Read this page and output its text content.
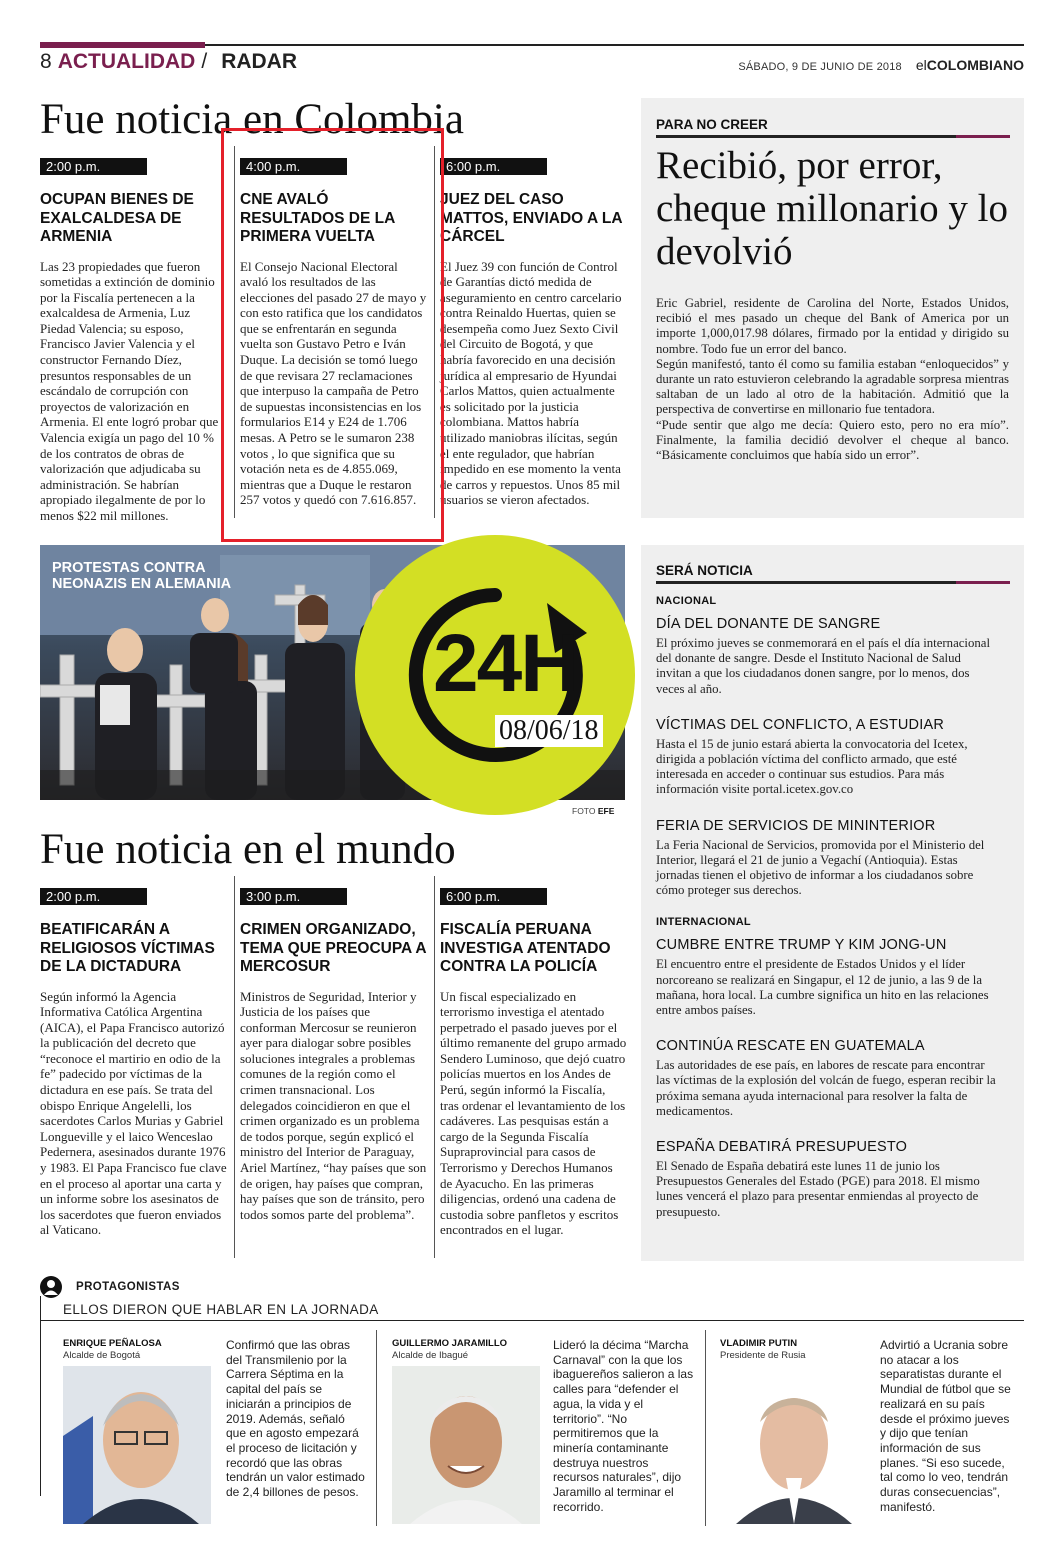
8 ACTUALIDAD / RADAR	SÁBADO, 9 DE JUNIO DE 2018 elCOLOMBIANO
Fue noticia en Colombia
2:00 p.m.
OCUPAN BIENES DE EXALCALDESA DE ARMENIA
Las 23 propiedades que fueron sometidas a extinción de dominio por la Fiscalía pertenecen a la exalcaldesa de Armenia, Luz Piedad Valencia; su esposo, Francisco Javier Valencia y el constructor Fernando Díez, presuntos responsables de un escándalo de corrupción con proyectos de valorización en Armenia. El ente logró probar que Valencia exigía un pago del 10 % de los contratos de obras de valorización que adjudicaba su administración. Se habrían apropiado ilegalmente de por lo menos $22 mil millones.
4:00 p.m.
CNE AVALÓ RESULTADOS DE LA PRIMERA VUELTA
El Consejo Nacional Electoral avaló los resultados de las elecciones del pasado 27 de mayo y con esto ratifica que los candidatos que se enfrentarán en segunda vuelta son Gustavo Petro e Iván Duque. La decisión se tomó luego de que revisara 27 reclamaciones que interpuso la campaña de Petro de supuestas inconsistencias en los formularios E14 y E24 de 1.706 mesas. A Petro se le sumaron 238 votos , lo que significa que su votación neta es de 4.855.069, mientras que a Duque le restaron 257 votos y quedó con 7.616.857.
6:00 p.m.
JUEZ DEL CASO MATTOS, ENVIADO A LA CÁRCEL
El Juez 39 con función de Control de Garantías dictó medida de aseguramiento en centro carcelario contra Reinaldo Huertas, quien se desempeña como Juez Sexto Civil del Circuito de Bogotá, y que habría favorecido en una decisión jurídica al empresario de Hyundai Carlos Mattos, quien actualmente es solicitado por la justicia colombiana. Mattos habría utilizado maniobras ilícitas, según el ente regulador, que habrían impedido en ese momento la venta de carros y repuestos. Unos 85 mil usuarios se vieron afectados.
PARA NO CREER
Recibió, por error, cheque millonario y lo devolvió

Eric Gabriel, residente de Carolina del Norte, Estados Unidos, recibió el mes pasado un cheque del Bank of America por un importe 1,000,017.98 dólares, firmado por la entidad y dirigido su nombre. Todo fue un error del banco.

Según manifestó, tanto él como su familia estaban “enloquecidos” y durante un rato estuvieron celebrando la agradable sorpresa mientras saltaban de un lado al otro de la habitación. Admitió que la perspectiva de convertirse en millonario fue tentadora.

“Pude sentir que algo me decía: Quiero esto, pero no era mío”. Finalmente, la familia decidió devolver el cheque al banco. “Básicamente concluimos que había sido un error”.

PROTESTAS CONTRA NEONAZIS EN ALEMANIA
24H
08/06/18
FOTO EFE
SERÁ NOTICIA
NACIONAL
DÍA DEL DONANTE DE SANGRE
El próximo jueves se conmemorará en el país el día internacional del donante de sangre. Desde el Instituto Nacional de Salud invitan a que los ciudadanos donen sangre, por lo menos, dos veces al año.
VÍCTIMAS DEL CONFLICTO, A ESTUDIAR
Hasta el 15 de junio estará abierta la convocatoria del Icetex, dirigida a población víctima del conflicto armado, que esté interesada en acceder o continuar sus estudios. Para más información visite portal.icetex.gov.co
FERIA DE SERVICIOS DE MININTERIOR
La Feria Nacional de Servicios, promovida por el Ministerio del Interior, llegará el 21 de junio a Vegachí (Antioquia). Estas jornadas tienen el objetivo de informar a los ciudadanos sobre cómo proteger sus derechos.
INTERNACIONAL
CUMBRE ENTRE TRUMP Y KIM JONG-UN
El encuentro entre el presidente de Estados Unidos y el líder norcoreano se realizará en Singapur, el 12 de junio, a las 9 de la mañana, hora local. La cumbre significa un hito en las relaciones entre ambos países.
CONTINÚA RESCATE EN GUATEMALA
Las autoridades de ese país, en labores de rescate para encontrar las víctimas de la explosión del volcán de fuego, esperan recibir la próxima semana ayuda internacional para resolver la falta de medicamentos.
ESPAÑA DEBATIRÁ PRESUPUESTO
El Senado de España debatirá este lunes 11 de junio los Presupuestos Generales del Estado (PGE) para 2018. El mismo lunes vencerá el plazo para presentar enmiendas al proyecto de presupuesto.
Fue noticia en el mundo
2:00 p.m.
BEATIFICARÁN A RELIGIOSOS VÍCTIMAS DE LA DICTADURA
Según informó la Agencia Informativa Católica Argentina (AICA), el Papa Francisco autorizó la publicación del decreto que “reconoce el martirio en odio de la fe” padecido por víctimas de la dictadura en ese país. Se trata del obispo Enrique Angelelli, los sacerdotes Carlos Murias y Gabriel Longueville y el laico Wenceslao Pedernera, asesinados durante 1976 y 1983. El Papa Francisco fue clave en el proceso al aportar una carta y un informe sobre los asesinatos de los sacerdotes que fueron enviados al Vaticano.
3:00 p.m.
CRIMEN ORGANIZADO, TEMA QUE PREOCUPA A MERCOSUR
Ministros de Seguridad, Interior y Justicia de los países que conforman Mercosur se reunieron ayer para dialogar sobre posibles soluciones integrales a problemas comunes de la región como el crimen transnacional. Los delegados coincidieron en que el crimen organizado es un problema de todos porque, según explicó el ministro del Interior de Paraguay, Ariel Martínez, “hay países que son de origen, hay países que compran, hay países que son de tránsito, pero todos somos parte del problema”.
6:00 p.m.
FISCALÍA PERUANA INVESTIGA ATENTADO CONTRA LA POLICÍA
Un fiscal especializado en terrorismo investiga el atentado perpetrado el pasado jueves por el último remanente del grupo armado Sendero Luminoso, que dejó cuatro policías muertos en los Andes de Perú, según informó la Fiscalía, tras ordenar el levantamiento de los cadáveres. Las pesquisas están a cargo de la Segunda Fiscalía Supraprovincial para casos de Terrorismo y Derechos Humanos de Ayacucho. En las primeras diligencias, ordenó una cadena de custodia sobre panfletos y escritos encontrados en el lugar.
PROTAGONISTAS
ELLOS DIERON QUE HABLAR EN LA JORNADA
ENRIQUE PEÑALOSA
Alcalde de Bogotá
Confirmó que las obras del Transmilenio por la Carrera Séptima en la capital del país se iniciarán a principios de 2019. Además, señaló que en agosto empezará el proceso de licitación y recordó que las obras tendrán un valor estimado de 2,4 billones de pesos.
GUILLERMO JARAMILLO
Alcalde de Ibagué
Lideró la décima “Marcha Carnaval” con la que los ibaguereños salieron a las calles para “defender el agua, la vida y el territorio”. “No permitiremos que la minería contaminante destruya nuestros recursos naturales”, dijo Jaramillo al terminar el recorrido.
VLADIMIR PUTIN
Presidente de Rusia
Advirtió a Ucrania sobre no atacar a los separatistas durante el Mundial de fútbol que se realizará en su país desde el próximo jueves y dijo que tenían información de sus planes. “Si eso sucede, tal como lo veo, tendrán duras consecuencias”, manifestó.
